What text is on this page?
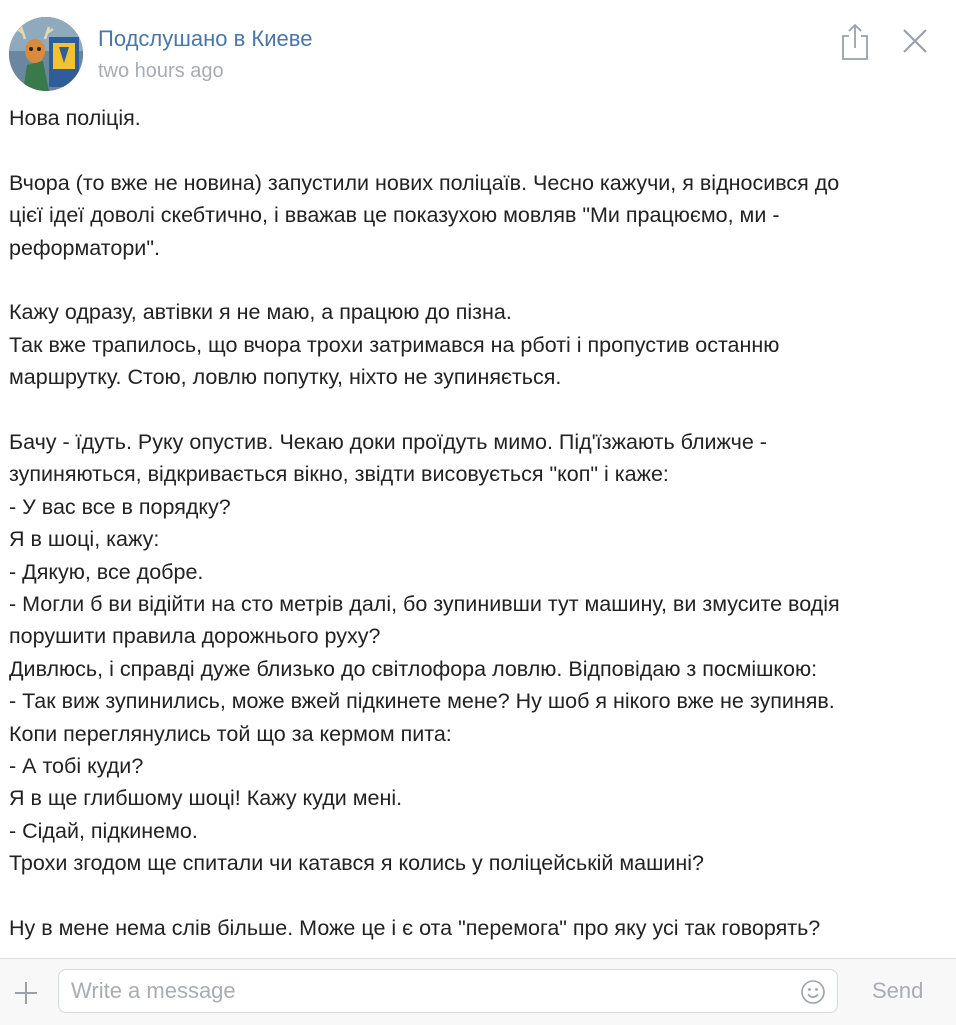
Подслушано в Киеве
two hours ago

Нова поліція.

Вчора (то вже не новина) запустили нових поліцаїв. Чесно кажучи, я відносився до

цієї ідеї доволі скебтично, і вважав це показухою мовляв "Ми працюємо, ми -

реформатори".

Кажу одразу, автівки я не маю, а працюю до пізна.

Так вже трапилось, що вчора трохи затримався на рботі і пропустив останню

маршрутку. Стою, ловлю попутку, ніхто не зупиняється.

Бачу - їдуть. Руку опустив. Чекаю доки проїдуть мимо. Під'їзжають ближче -

зупиняються, відкривається вікно, звідти висовується "коп" і каже:

- У вас все в порядку?

Я в шоці, кажу:

- Дякую, все добре.

- Могли б ви відійти на сто метрів далі, бо зупинивши тут машину, ви змусите водія

порушити правила дорожнього руху?

Дивлюсь, і справді дуже близько до світлофора ловлю. Відповідаю з посмішкою:

- Так виж зупинились, може вжей підкинете мене? Ну шоб я нікого вже не зупиняв.

Копи переглянулись той що за кермом пита:

- А тобі куди?

Я в ще глибшому шоці! Кажу куди мені.

- Сідай, підкинемо.

Трохи згодом ще спитали чи катався я колись у поліцейській машині?

Ну в мене нема слів більше. Може це і є ота "перемога" про яку усі так говорять?

Write a message
Send
